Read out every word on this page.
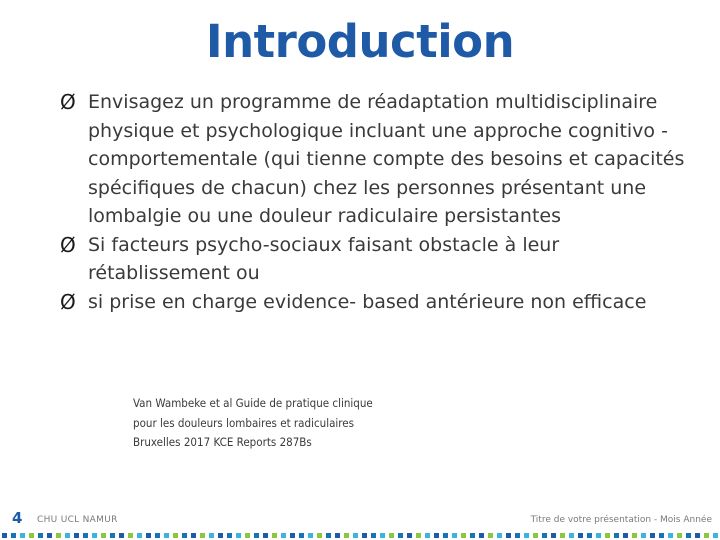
Introduction
Ø Envisagez un programme de réadaptation multidisciplinaire physique et psychologique incluant une approche cognitivo -comportementale (qui tienne compte des besoins et capacités spécifiques de chacun) chez les personnes présentant une lombalgie ou une douleur radiculaire persistantes
Ø Si facteurs psycho-sociaux faisant obstacle à leur rétablissement ou
Ø si prise en charge evidence- based antérieure non efficace
Van Wambeke et al Guide de pratique clinique
pour les douleurs lombaires et radiculaires
Bruxelles 2017 KCE Reports 287Bs
4 CHU UCL NAMUR	Titre de votre présentation - Mois Année
